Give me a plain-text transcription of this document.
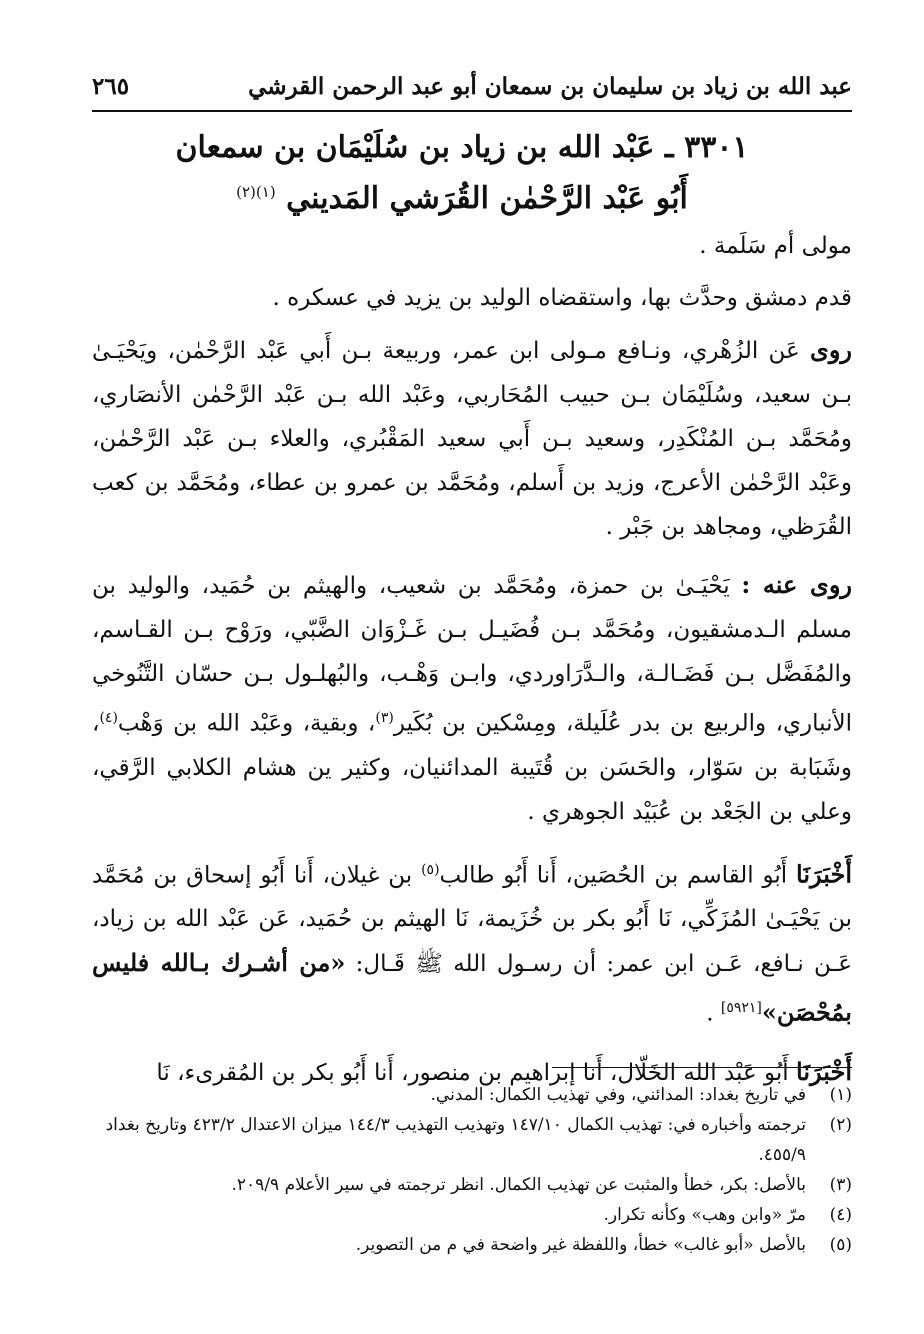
عبد الله بن زياد بن سليمان بن سمعان أبو عبد الرحمن القرشي
٢٦٥
٣٣٠١ ـ عَبْد الله بن زياد بن سُلَيْمَان بن سمعان
أَبُو عَبْد الرَّحْمٰن القُرَشي المَديني $^{(١)(٢)}$

مولى أم سَلَمة .

قدم دمشق وحدَّث بها، واستقضاه الوليد بن يزيد في عسكره .

روى عَن الزُهْري، ونـافع مـولى ابن عمر، وربيعة بـن أَبي عَبْد الرَّحْمٰن، ويَحْيَـىٰ بـن سعيد، وسُلَيْمَان بـن حبيب المُحَاربي، وعَبْد الله بـن عَبْد الرَّحْمٰن الأنصَاري، ومُحَمَّد بـن المُنْكَدِر، وسعيد بـن أَبي سعيد المَقْبُري، والعلاء بـن عَبْد الرَّحْمٰن، وعَبْد الرَّحْمٰن الأعرج، وزيد بن أَسلم، ومُحَمَّد بن عمرو بن عطاء، ومُحَمَّد بن كعب القُرَظي، ومجاهد بن جَبْر .

روى عنه : يَحْيَـىٰ بن حمزة، ومُحَمَّد بن شعيب، والهيثم بن حُمَيد، والوليد بن مسلم الـدمشقيون، ومُحَمَّد بـن فُضَيـل بـن غَـزْوَان الضَّبّي، ورَوْح بـن القـاسم، والمُفَضَّل بـن فَضَـالـة، والـدَّرَاوردي، وابـن وَهْـب، والبُهلـول بـن حسّان التَّنُوخي الأنباري، والربيع بن بدر عُلَيلة، ومِسْكين بن بُكَير$^{(٣)}$، وبقية، وعَبْد الله بن وَهْب$^{(٤)}$، وشَبَابة بن سَوّار، والحَسَن بن قُتَيبة المدائنيان، وكثير ين هشام الكلابي الرَّقي، وعلي بن الجَعْد بن عُبَيْد الجوهري .

أَخْبَرَنَا أَبُو القاسم بن الحُصَين، أَنا أَبُو طالب$^{(٥)}$ بن غيلان، أَنا أَبُو إسحاق بن مُحَمَّد بن يَحْيَـىٰ المُزَكِّي، نَا أَبُو بكر بن خُزَيمة، نَا الهيثم بن حُمَيد، عَن عَبْد الله بن زياد، عَـن نـافع، عَـن ابن عمر: أن رسـول الله ﷺ قَـال: «من أشـرك بـالله فليس بمُحْصَن»[٥٩٢١] .

أَخْبَرَنَا أَبُو عَبْد الله الخَلّال، أَنا إبراهيم بن منصور، أَنا أَبُو بكر بن المُقرىء، نَا

(١)
في تاريخ بغداد: المدائني، وفي تهذيب الكمال: المدني.
(٢)
ترجمته وأخباره في: تهذيب الكمال ١٤٧/١٠ وتهذيب التهذيب ١٤٤/٣ ميزان الاعتدال ٤٢٣/٢ وتاريخ بغداد ٤٥٥/٩.
(٣)
بالأصل: بكر، خطأ والمثبت عن تهذيب الكمال. انظر ترجمته في سير الأعلام ٢٠٩/٩.
(٤)
مرّ «وابن وهب» وكأنه تكرار.
(٥)
بالأصل «أبو غالب» خطأ، واللفظة غير واضحة في م من التصوير.
